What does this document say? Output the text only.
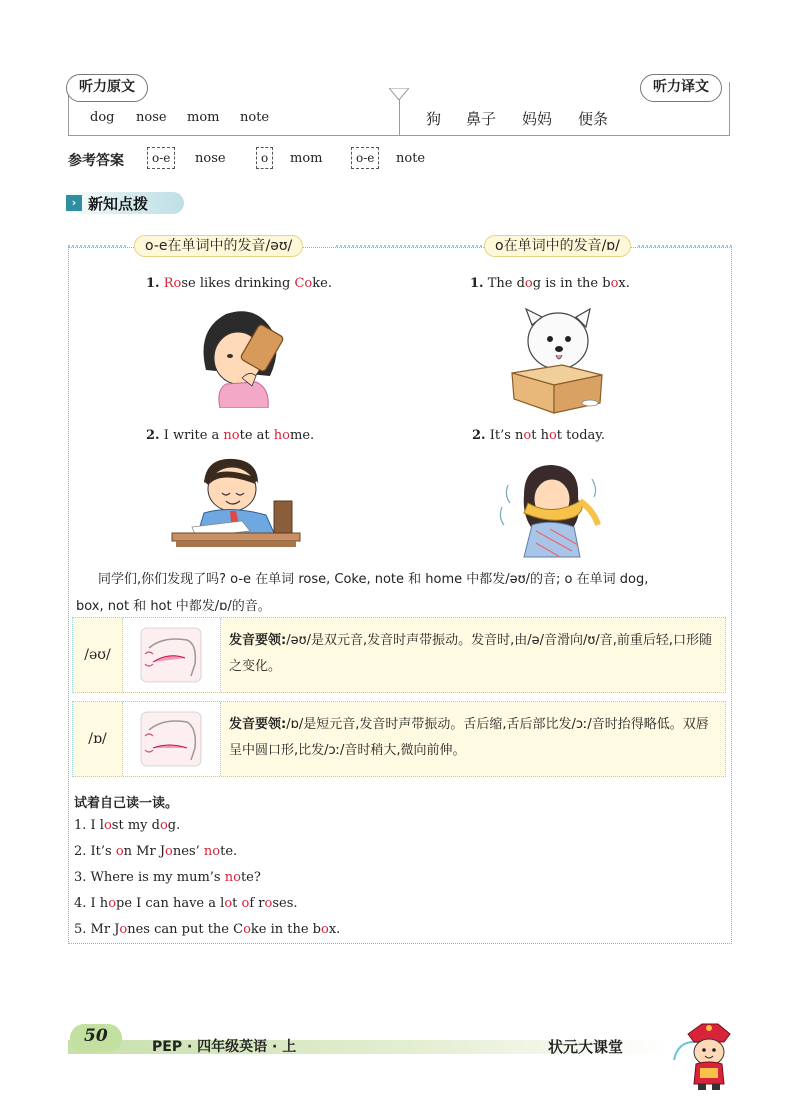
听力原文	听力译文
dog nose mom note	狗 鼻子 妈妈 便条
参考答案	o-e	nose	o	mom	o-e	note
› 新知点拨
o-e在单词中的发音/əʊ/	o在单词中的发音/ɒ/
1. Rose likes drinking Coke.	1. The dog is in the box.
2. I write a note at home.	2. It’s not hot today.
同学们,你们发现了吗? o-e 在单词 rose, Coke, note 和 home 中都发/əʊ/的音; o 在单词 dog,
box, not 和 hot 中都发/ɒ/的音。
/əʊ/
发音要领:/əʊ/是双元音,发音时声带振动。发音时,由/ə/音滑向/ʊ/音,前重后轻,口形随之变化。
/ɒ/
发音要领:/ɒ/是短元音,发音时声带振动。舌后缩,舌后部比发/ɔː/音时抬得略低。双唇呈中圆口形,比发/ɔː/音时稍大,微向前伸。
试着自己读一读。
1. I lost my dog.
2. It’s on Mr Jones’ note.
3. Where is my mum’s note?
4. I hope I can have a lot of roses.
5. Mr Jones can put the Coke in the box.
50
PEP · 四年级英语 · 上	状元大课堂
